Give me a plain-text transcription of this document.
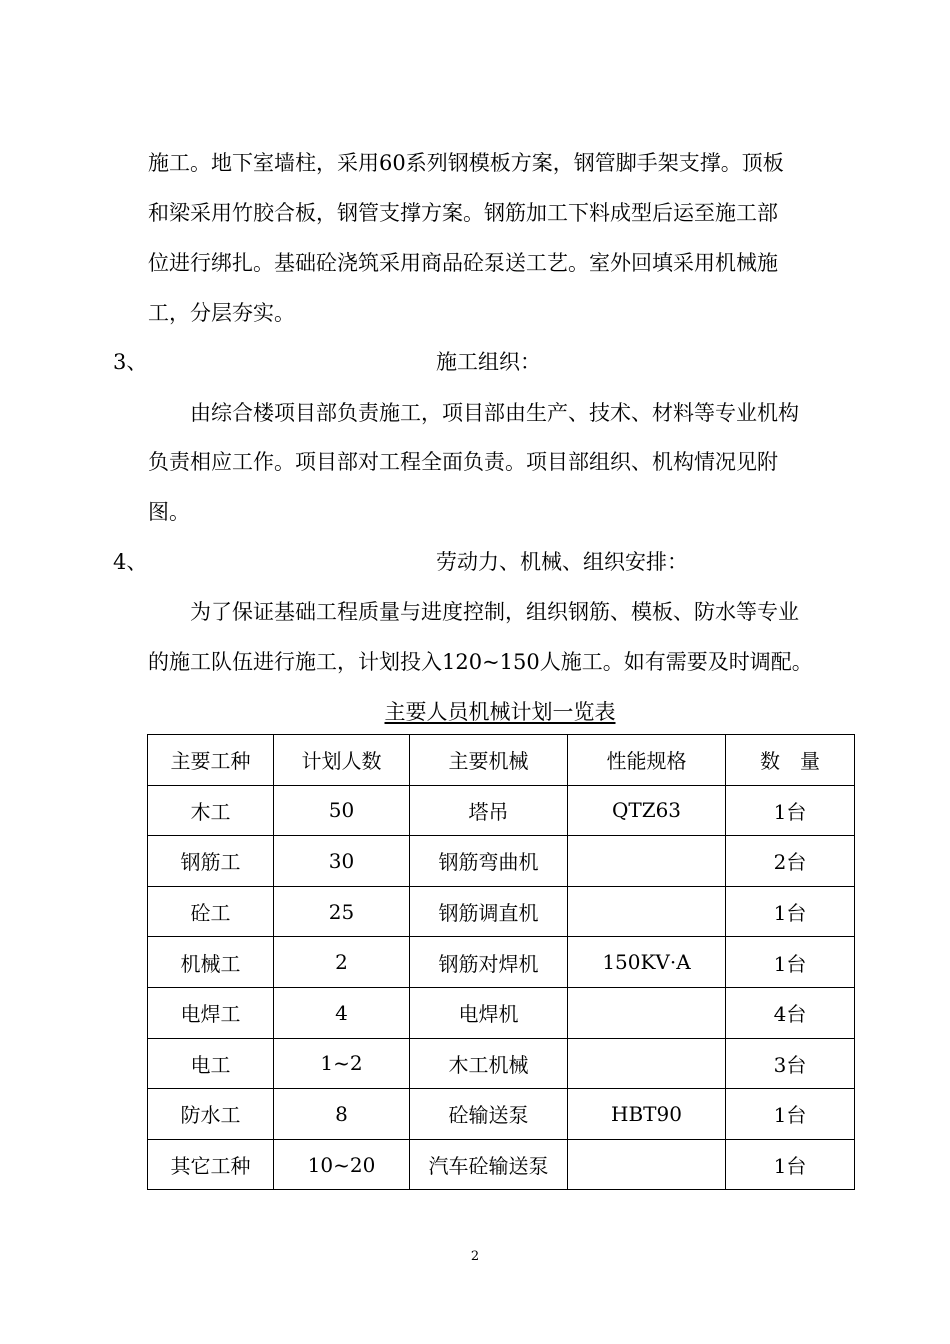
施工。地下室墙柱，采用60系列钢模板方案，钢管脚手架支撑。顶板
和梁采用竹胶合板，钢管支撑方案。钢筋加工下料成型后运至施工部
位进行绑扎。基础砼浇筑采用商品砼泵送工艺。室外回填采用机械施
工，分层夯实。
3、	施工组织：
由综合楼项目部负责施工，项目部由生产、技术、材料等专业机构
负责相应工作。项目部对工程全面负责。项目部组织、机构情况见附
图。
4、	劳动力、机械、组织安排：
为了保证基础工程质量与进度控制，组织钢筋、模板、防水等专业
的施工队伍进行施工，计划投入120~150人施工。如有需要及时调配。
主要人员机械计划一览表
主要工种	计划人数	主要机械	性能规格	数　量
木工	50	塔吊	QTZ63	1台
钢筋工	30	钢筋弯曲机		2台
砼工	25	钢筋调直机		1台
机械工	2	钢筋对焊机	150KV·A	1台
电焊工	4	电焊机		4台
电工	1~2	木工机械		3台
防水工	8	砼输送泵	HBT90	1台
其它工种	10~20	汽车砼输送泵		1台
2
